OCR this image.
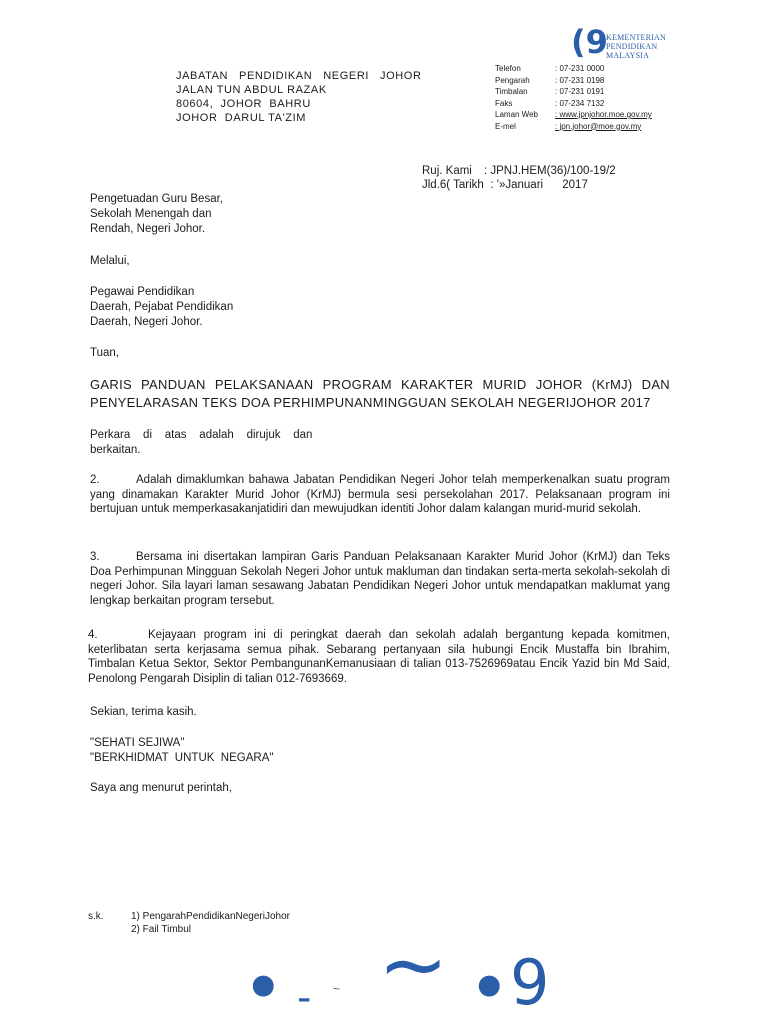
(9
KEMENTERIAN
PENDIDIKAN
MALAYSIA
JABATAN   PENDIDIKAN   NEGERI   JOHOR
JALAN TUN ABDUL RAZAK
80604,  JOHOR  BAHRU
JOHOR  DARUL TA'ZIM
Telefon	: 07-231 0000
Pengarah	: 07-231 0198
Timbalan	: 07-231 0191
Faks	: 07-234 7132
Laman Web	: www.jpnjohor.moe.gov.my
E-mel	: jpn.johor@moe.gov.my
Ruj. Kami	: JPNJ.HEM(36)/100-19/2
Jld.6( Tarikh : '»Januari      2017
Pengetuadan Guru Besar,
Sekolah Menengah dan
Rendah, Negeri Johor.
Melalui,
Pegawai Pendidikan
Daerah, Pejabat Pendidikan
Daerah, Negeri Johor.
Tuan,
GARIS PANDUAN PELAKSANAAN PROGRAM KARAKTER MURID JOHOR (KrMJ) DAN
PENYELARASAN TEKS DOA PERHIMPUNANMINGGUAN SEKOLAH NEGERIJOHOR 2017
Perkara    di    atas    adalah    dirujuk    dan
berkaitan.
2.	Adalah dimaklumkan bahawa Jabatan Pendidikan Negeri Johor telah memperkenalkan suatu program yang dinamakan Karakter Murid Johor (KrMJ) bermula sesi persekolahan 2017. Pelaksanaan program ini bertujuan untuk memperkasakanjatidiri dan mewujudkan identiti Johor dalam kalangan murid-murid sekolah.
3.	Bersama ini disertakan lampiran Garis Panduan Pelaksanaan Karakter Murid Johor (KrMJ) dan Teks Doa Perhimpunan Mingguan Sekolah Negeri Johor untuk makluman dan tindakan serta-merta sekolah-sekolah di negeri Johor. Sila layari laman sesawang Jabatan Pendidikan Negeri Johor untuk mendapatkan maklumat yang lengkap berkaitan program tersebut.
4.	Kejayaan program ini di peringkat daerah dan sekolah adalah bergantung kepada komitmen, keterlibatan serta kerjasama semua pihak. Sebarang pertanyaan sila hubungi Encik Mustaffa bin Ibrahim, Timbalan Ketua Sektor, Sektor PembangunanKemanusiaan di talian 013-7526969atau Encik Yazid bin Md Said, Penolong Pengarah Disiplin di talian 012-7693669.
Sekian, terima kasih.
"SEHATI SEJIWA"
"BERKHIDMAT  UNTUK  NEGARA"
Saya ang menurut perintah,
s.k.	1) PengarahPendidikanNegeriJohor
2) Fail Timbul
• - ~ ~ • 9
